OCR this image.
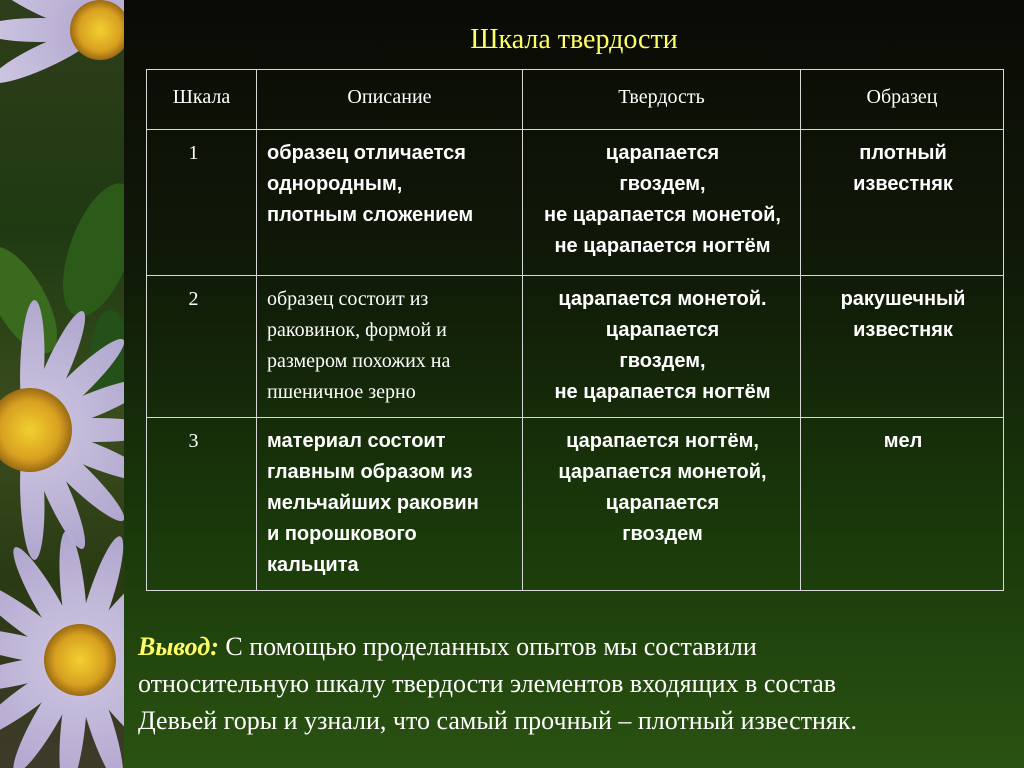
Шкала твердости
Шкала	Описание	Твердость	Образец
1	образец отличается
однородным,
плотным сложением	царапается
гвоздем,
не царапается монетой,
не царапается ногтём	плотный
известняк

2	образец состоит из
раковинок, формой и
размером похожих на
пшеничное зерно	царапается монетой.
царапается
гвоздем,
не царапается ногтём	ракушечный
известняк

3	материал состоит
главным образом из
мельчайших раковин
и порошкового
кальцита	царапается ногтём,
царапается монетой,
царапается
гвоздем	мел
Вывод: С помощью проделанных опытов мы составили
относительную шкалу твердости элементов входящих в состав
Девьей горы и узнали, что самый прочный – плотный известняк.
